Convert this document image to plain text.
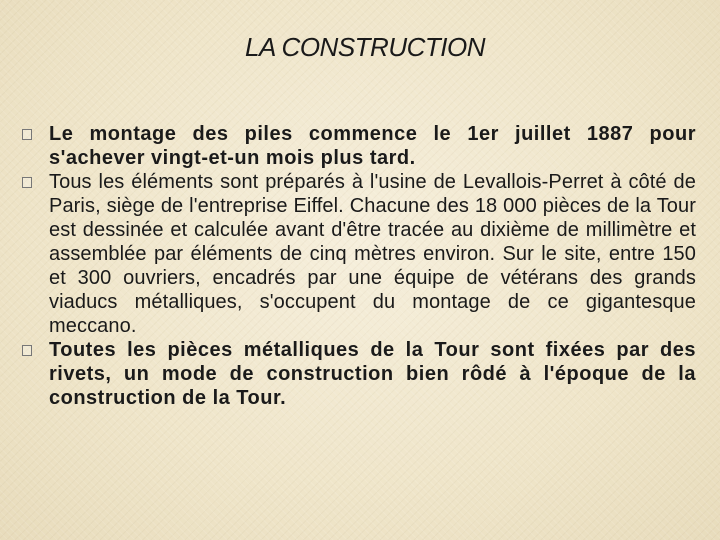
LA CONSTRUCTION
Le montage des piles commence le 1er juillet 1887 pour s'achever vingt-et-un mois plus tard.
Tous les éléments sont préparés à l'usine de Levallois-Perret à côté de Paris, siège de l'entreprise Eiffel. Chacune des 18 000 pièces de la Tour est dessinée et calculée avant d'être tracée au dixième de millimètre et assemblée par éléments de cinq mètres environ. Sur le site, entre 150 et 300 ouvriers, encadrés par une équipe de vétérans des grands viaducs métalliques, s'occupent du montage de ce gigantesque meccano.
Toutes les pièces métalliques de la Tour sont fixées par des rivets, un mode de construction bien rôdé à l'époque de la construction de la Tour.
